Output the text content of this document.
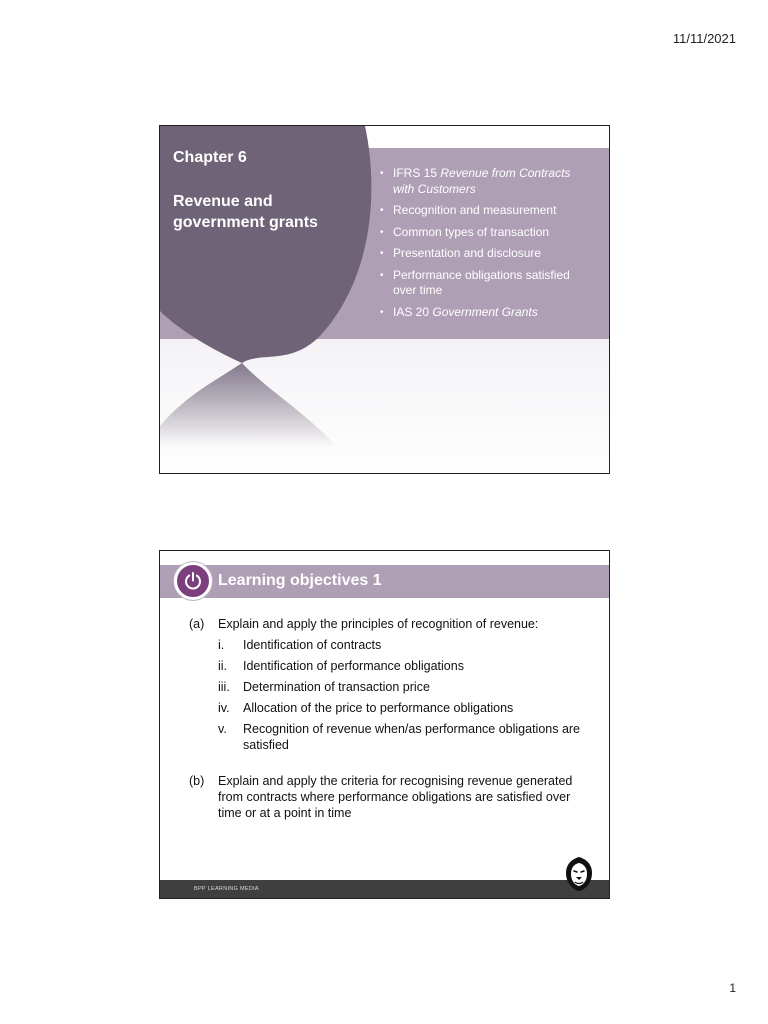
11/11/2021
Chapter 6
Revenue and government grants
• IFRS 15 Revenue from Contracts with Customers
• Recognition and measurement
• Common types of transaction
• Presentation and disclosure
• Performance obligations satisfied over time
• IAS 20 Government Grants
Learning objectives 1
(a) Explain and apply the principles of recognition of revenue:
i. Identification of contracts
ii. Identification of performance obligations
iii. Determination of transaction price
iv. Allocation of the price to performance obligations
v. Recognition of revenue when/as performance obligations are satisfied
(b) Explain and apply the criteria for recognising revenue generated from contracts where performance obligations are satisfied over time or at a point in time
BPP LEARNING MEDIA
1
